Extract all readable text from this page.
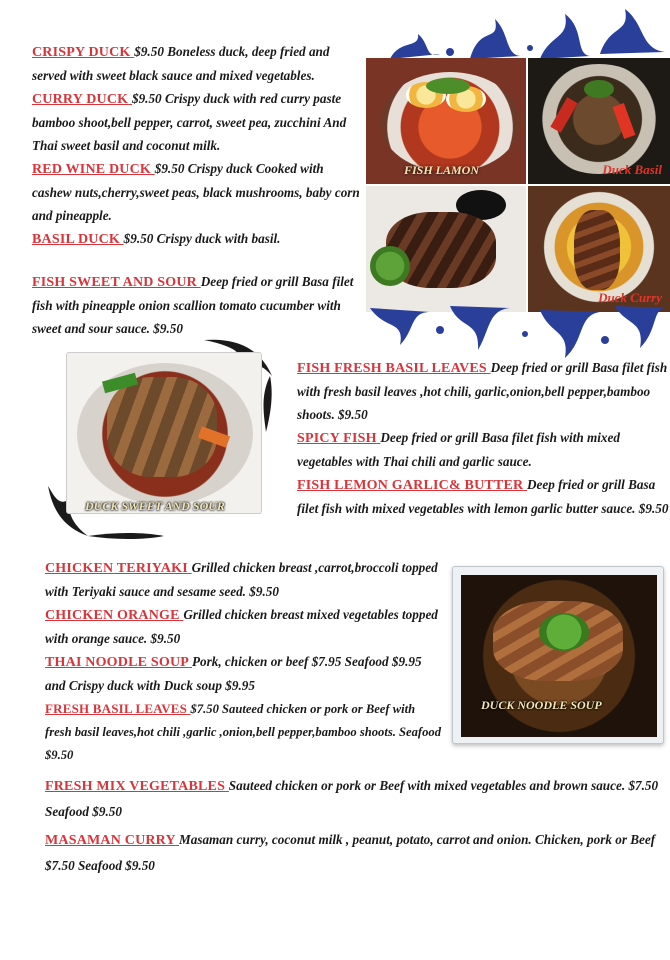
CRISPY DUCK $9.50 Boneless duck, deep fried and served with sweet black sauce and mixed vegetables.

CURRY DUCK $9.50 Crispy duck with red curry paste bamboo shoot,bell pepper, carrot, sweet pea, zucchini And Thai sweet basil and coconut milk.

RED WINE DUCK $9.50 Crispy duck Cooked with cashew nuts,cherry,sweet peas, black mushrooms, baby corn and pineapple.

BASIL DUCK $9.50 Crispy duck with basil.

FISH SWEET AND SOUR Deep fried or grill Basa filet fish with pineapple onion scallion tomato cucumber with sweet and sour sauce. $9.50

FISH LAMON	Duck Basil
Duck Curry
DUCK SWEET AND SOUR

FISH FRESH BASIL LEAVES Deep fried or grill Basa filet fish with fresh basil leaves ,hot chili, garlic,onion,bell pepper,bamboo shoots. $9.50

SPICY FISH Deep fried or grill Basa filet fish with mixed vegetables with Thai chili and garlic sauce.

FISH LEMON GARLIC& BUTTER Deep fried or grill Basa filet fish with mixed vegetables with lemon garlic butter sauce. $9.50

CHICKEN TERIYAKI Grilled chicken breast ,carrot,broccoli topped with Teriyaki sauce and sesame seed. $9.50

CHICKEN ORANGE Grilled chicken breast mixed vegetables topped with orange sauce. $9.50

THAI NOODLE SOUP Pork, chicken or beef $7.95 Seafood $9.95 and Crispy duck with Duck soup $9.95

FRESH BASIL LEAVES $7.50 Sauteed chicken or pork or Beef with fresh basil leaves,hot chili ,garlic ,onion,bell pepper,bamboo shoots. Seafood $9.50

DUCK NOODLE SOUP

FRESH MIX VEGETABLES Sauteed chicken or pork or Beef with mixed vegetables and brown sauce. $7.50 Seafood $9.50

MASAMAN CURRY Masaman curry, coconut milk , peanut, potato, carrot and onion. Chicken, pork or Beef $7.50 Seafood $9.50
